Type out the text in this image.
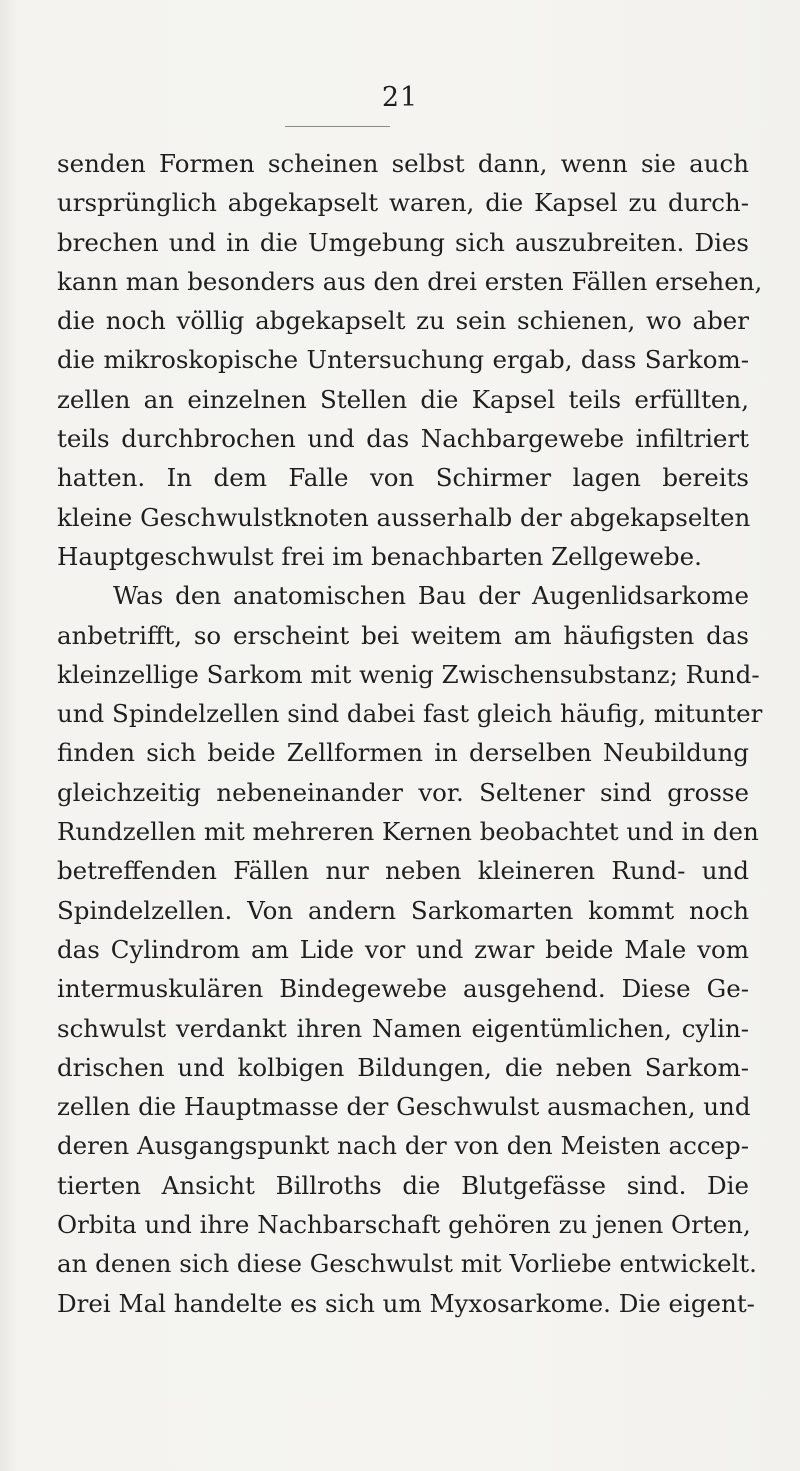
21
senden Formen scheinen selbst dann, wenn sie auch
ursprünglich abgekapselt waren, die Kapsel zu durch-
brechen und in die Umgebung sich auszubreiten. Dies
kann man besonders aus den drei ersten Fällen ersehen,
die noch völlig abgekapselt zu sein schienen, wo aber
die mikroskopische Untersuchung ergab, dass Sarkom-
zellen an einzelnen Stellen die Kapsel teils erfüllten,
teils durchbrochen und das Nachbargewebe infiltriert
hatten. In dem Falle von Schirmer lagen bereits
kleine Geschwulstknoten ausserhalb der abgekapselten
Hauptgeschwulst frei im benachbarten Zellgewebe.
Was den anatomischen Bau der Augenlidsarkome
anbetrifft, so erscheint bei weitem am häufigsten das
kleinzellige Sarkom mit wenig Zwischensubstanz; Rund-
und Spindelzellen sind dabei fast gleich häufig, mitunter
finden sich beide Zellformen in derselben Neubildung
gleichzeitig nebeneinander vor. Seltener sind grosse
Rundzellen mit mehreren Kernen beobachtet und in den
betreffenden Fällen nur neben kleineren Rund- und
Spindelzellen. Von andern Sarkomarten kommt noch
das Cylindrom am Lide vor und zwar beide Male vom
intermuskulären Bindegewebe ausgehend. Diese Ge-
schwulst verdankt ihren Namen eigentümlichen, cylin-
drischen und kolbigen Bildungen, die neben Sarkom-
zellen die Hauptmasse der Geschwulst ausmachen, und
deren Ausgangspunkt nach der von den Meisten accep-
tierten Ansicht Billroths die Blutgefässe sind. Die
Orbita und ihre Nachbarschaft gehören zu jenen Orten,
an denen sich diese Geschwulst mit Vorliebe entwickelt.
Drei Mal handelte es sich um Myxosarkome. Die eigent-
